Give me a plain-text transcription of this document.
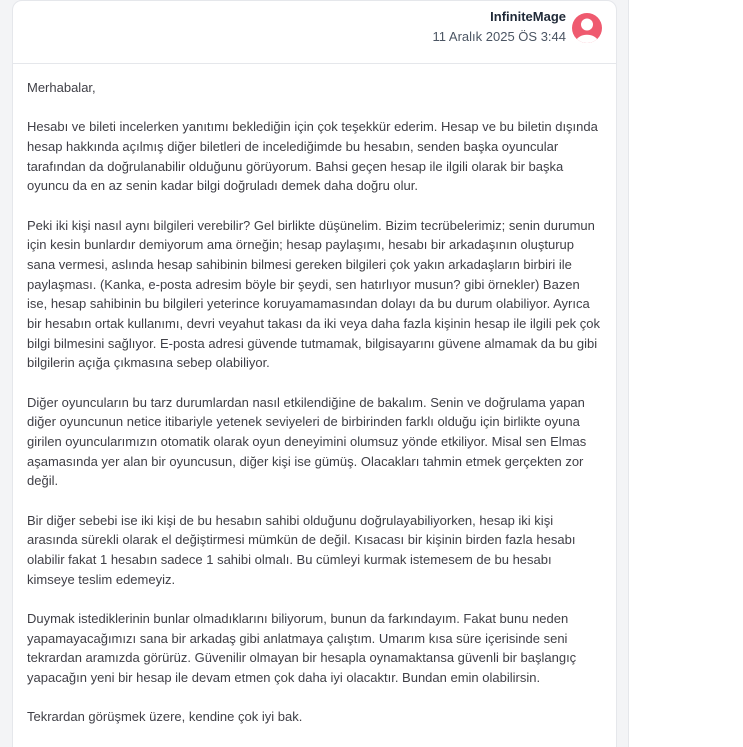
InfiniteMage
11 Aralık 2025 ÖS 3:44

Merhabalar,

Hesabı ve bileti incelerken yanıtımı beklediğin için çok teşekkür ederim. Hesap ve bu biletin dışında hesap hakkında açılmış diğer biletleri de incelediğimde bu hesabın, senden başka oyuncular tarafından da doğrulanabilir olduğunu görüyorum. Bahsi geçen hesap ile ilgili olarak bir başka oyuncu da en az senin kadar bilgi doğruladı demek daha doğru olur.

Peki iki kişi nasıl aynı bilgileri verebilir? Gel birlikte düşünelim. Bizim tecrübelerimiz; senin durumun için kesin bunlardır demiyorum ama örneğin; hesap paylaşımı, hesabı bir arkadaşının oluşturup sana vermesi, aslında hesap sahibinin bilmesi gereken bilgileri çok yakın arkadaşların birbiri ile paylaşması. (Kanka, e-posta adresim böyle bir şeydi, sen hatırlıyor musun? gibi örnekler) Bazen ise, hesap sahibinin bu bilgileri yeterince koruyamamasından dolayı da bu durum olabiliyor. Ayrıca bir hesabın ortak kullanımı, devri veyahut takası da iki veya daha fazla kişinin hesap ile ilgili pek çok bilgi bilmesini sağlıyor. E-posta adresi güvende tutmamak, bilgisayarını güvene almamak da bu gibi bilgilerin açığa çıkmasına sebep olabiliyor.

Diğer oyuncuların bu tarz durumlardan nasıl etkilendiğine de bakalım. Senin ve doğrulama yapan diğer oyuncunun netice itibariyle yetenek seviyeleri de birbirinden farklı olduğu için birlikte oyuna girilen oyuncularımızın otomatik olarak oyun deneyimini olumsuz yönde etkiliyor. Misal sen Elmas aşamasında yer alan bir oyuncusun, diğer kişi ise gümüş. Olacakları tahmin etmek gerçekten zor değil.

Bir diğer sebebi ise iki kişi de bu hesabın sahibi olduğunu doğrulayabiliyorken, hesap iki kişi arasında sürekli olarak el değiştirmesi mümkün de değil. Kısacası bir kişinin birden fazla hesabı olabilir fakat 1 hesabın sadece 1 sahibi olmalı. Bu cümleyi kurmak istemesem de bu hesabı kimseye teslim edemeyiz.

Duymak istediklerinin bunlar olmadıklarını biliyorum, bunun da farkındayım. Fakat bunu neden yapamayacağımızı sana bir arkadaş gibi anlatmaya çalıştım. Umarım kısa süre içerisinde seni tekrardan aramızda görürüz. Güvenilir olmayan bir hesapla oynamaktansa güvenli bir başlangıç yapacağın yeni bir hesap ile devam etmen çok daha iyi olacaktır. Bundan emin olabilirsin.

Tekrardan görüşmek üzere, kendine çok iyi bak.
